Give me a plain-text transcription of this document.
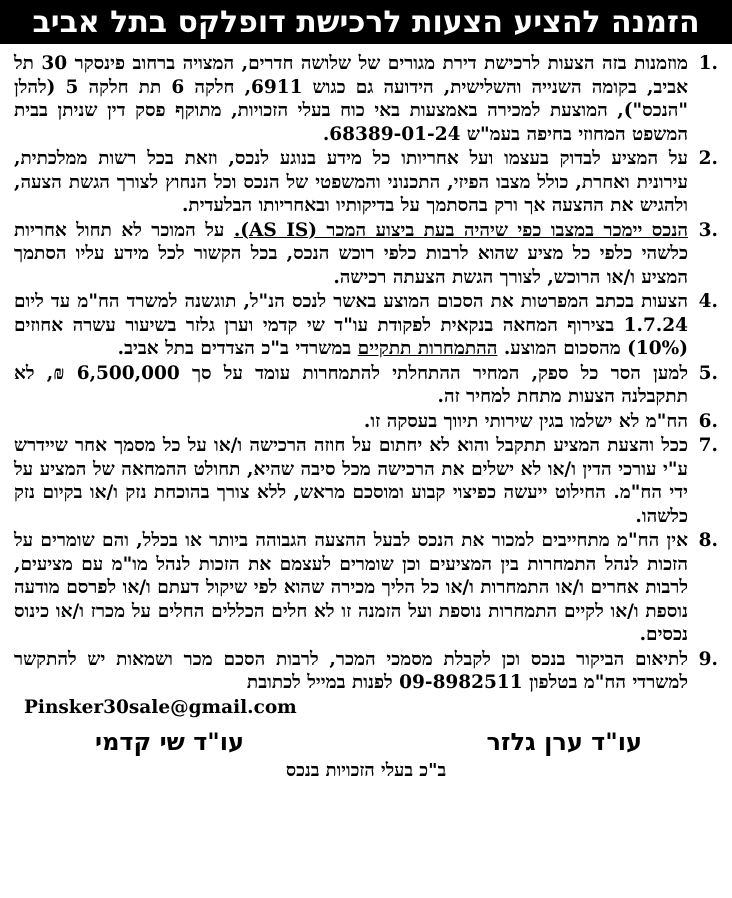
הזמנה להציע הצעות לרכישת דופלקס בתל אביב
.1
מוזמנות בזה הצעות לרכישת דירת מגורים של שלושה חדרים, המצויה ברחוב פינסקר 30 תל אביב, בקומה השנייה והשלישית, הידועה גם כגוש 6911, חלקה 6 תת חלקה 5 (להלן "הנכס"), המוצעת למכירה באמצעות באי כוח בעלי הזכויות, מתוקף פסק דין שניתן בבית המשפט המחוזי בחיפה בעמ"ש 68389-01-24.
.2
על המציע לבדוק בעצמו ועל אחריותו כל מידע בנוגע לנכס, וזאת בכל רשות ממלכתית, עירונית ואחרת, כולל מצבו הפיזי, התכנוני והמשפטי של הנכס וכל הנחוץ לצורך הגשת הצעה, ולהגיש את ההצעה אך ורק בהסתמך על בדיקותיו ובאחריותו הבלעדית.
.3
הנכס יימכר במצבו כפי שיהיה בעת ביצוע המכר (AS IS). על המוכר לא תחול אחריות כלשהי כלפי כל מציע שהוא לרבות כלפי רוכש הנכס, בכל הקשור לכל מידע עליו הסתמך המציע ו/או הרוכש, לצורך הגשת הצעתה רכישה.
.4
הצעות בכתב המפרטות את הסכום המוצע באשר לנכס הנ"ל, תוגשנה למשרד הח"מ עד ליום 1.7.24 בצירוף המחאה בנקאית לפקודת עו"ד שי קדמי וערן גלזר בשיעור עשרה אחוזים (10%) מהסכום המוצע. ההתמחרות תתקיים במשרדי ב"כ הצדדים בתל אביב.
.5
למען הסר כל ספק, המחיר ההתחלתי להתמחרות עומד על סך 6,500,000 ₪, לא תתקבלנה הצעות מתחת למחיר זה.
.6
הח"מ לא ישלמו בגין שירותי תיווך בעסקה זו.
.7
ככל והצעת המציע תתקבל והוא לא יחתום על חוזה הרכישה ו/או על כל מסמך אחר שיידרש ע"י עורכי הדין ו/או לא ישלים את הרכישה מכל סיבה שהיא, תחולט ההמחאה של המציע על ידי הח"מ. החילוט ייעשה כפיצוי קבוע ומוסכם מראש, ללא צורך בהוכחת נזק ו/או בקיום נזק כלשהו.
.8
אין הח"מ מתחייבים למכור את הנכס לבעל ההצעה הגבוהה ביותר או בכלל, והם שומרים על הזכות לנהל התמחרות בין המציעים וכן שומרים לעצמם את הזכות לנהל מו"מ עם מציעים, לרבות אחרים ו/או התמחרות ו/או כל הליך מכירה שהוא לפי שיקול דעתם ו/או לפרסם מודעה נוספת ו/או לקיים התמחרות נוספת ועל הזמנה זו לא חלים הכללים החלים על מכרז ו/או כינוס נכסים.
.9
לתיאום הביקור בנכס וכן לקבלת מסמכי המכר, לרבות הסכם מכר ושמאות יש להתקשר למשרדי הח"מ בטלפון 09-8982511 לפנות במייל לכתובת
Pinsker30sale@gmail.com
עו"ד ערן גלזר
עו"ד שי קדמי
ב"כ בעלי הזכויות בנכס
